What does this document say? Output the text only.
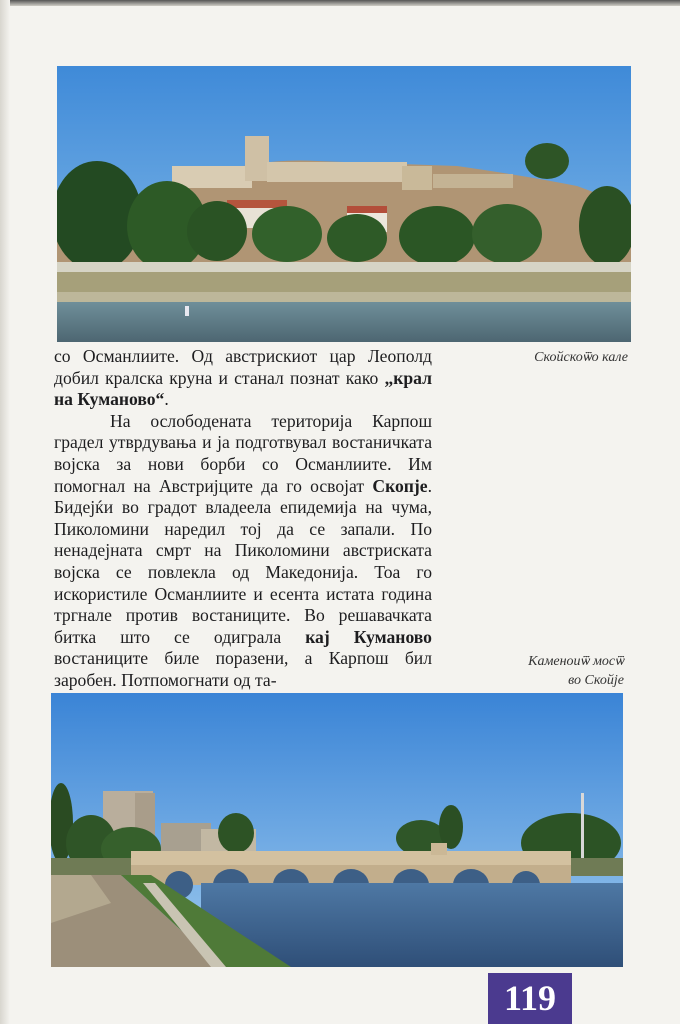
Скойскоѿо кале

со Османлиите. Од австрискиот цар Леополд добил кралска круна и станал познат како „крал на Куманово“.

На ослободената територија Карпош градел утврдувања и ја подготвувал востаничката војска за нови борби со Османлиите. Им помогнал на Австријците да го освојат Скопје. Бидејќи во градот владеела епидемија на чума, Пиколомини наредил тој да се запали. По ненадејната смрт на Пиколомини австриската војска се повлекла од Македонија. Тоа го искористиле Османлиите и есента истата година тргнале против востаниците. Во решавачката битка што се одиграла кај Куманово востаниците биле поразени, а Карпош бил заробен. Потпомогнати од та-

Каменоиѿ мосѿ
во Скойје
119
